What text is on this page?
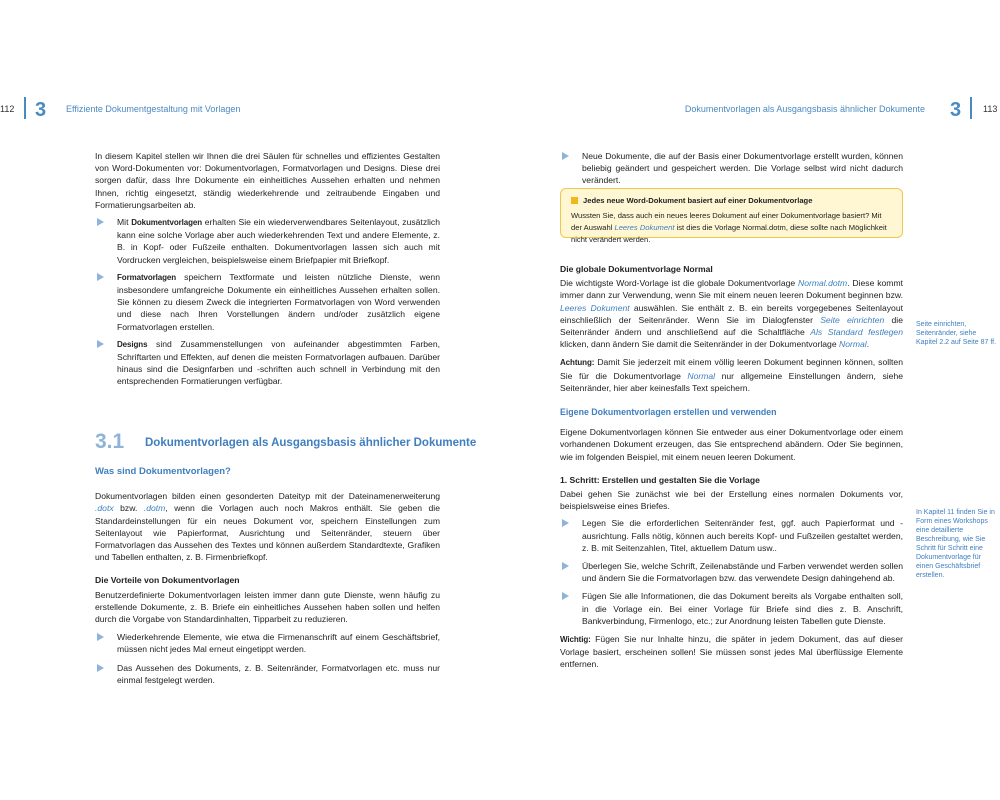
112 3 Effiziente Dokumentgestaltung mit Vorlagen	Dokumentvorlagen als Ausgangsbasis ähnlicher Dokumente 3 113

In diesem Kapitel stellen wir Ihnen die drei Säulen für schnelles und effizientes Gestalten von Word-Dokumenten vor: Dokumentvorlagen, Formatvorlagen und Designs. Diese drei sorgen dafür, dass Ihre Dokumente ein einheitliches Aussehen erhalten und nehmen Ihnen, richtig eingesetzt, ständig wiederkehrende und zeitraubende Eingaben und Formatierungsarbeiten ab.

Mit Dokumentvorlagen erhalten Sie ein wiederverwendbares Seitenlayout, zusätzlich kann eine solche Vorlage aber auch wiederkehrenden Text und andere Elemente, z. B. in Kopf- oder Fußzeile enthalten. Dokumentvorlagen lassen sich auch mit Vordrucken vergleichen, beispielsweise einem Briefpapier mit Briefkopf.
Formatvorlagen speichern Textformate und leisten nützliche Dienste, wenn insbesondere umfangreiche Dokumente ein einheitliches Aussehen erhalten sollen. Sie können zu diesem Zweck die integrierten Formatvorlagen von Word verwenden und diese nach Ihren Vorstellungen ändern und/oder zusätzlich eigene Formatvorlagen erstellen.
Designs sind Zusammenstellungen von aufeinander abgestimmten Farben, Schriftarten und Effekten, auf denen die meisten Formatvorlagen aufbauen. Darüber hinaus sind die Designfarben und -schriften auch schnell in Verbindung mit den entsprechenden Formatierungen verfügbar.
3.1 Dokumentvorlagen als Ausgangsbasis ähnlicher Dokumente

Was sind Dokumentvorlagen?

Dokumentvorlagen bilden einen gesonderten Dateityp mit der Dateinamenerweiterung .dotx bzw. .dotm, wenn die Vorlagen auch noch Makros enthält. Sie geben die Standardeinstellungen für ein neues Dokument vor, speichern Einstellungen zum Seitenlayout wie Papierformat, Ausrichtung und Seitenränder, steuern über Formatvorlagen das Aussehen des Textes und können außerdem Standardtexte, Grafiken und Tabellen enthalten, z. B. Firmenbriefkopf.

Die Vorteile von Dokumentvorlagen

Benutzerdefinierte Dokumentvorlagen leisten immer dann gute Dienste, wenn häufig zu erstellende Dokumente, z. B. Briefe ein einheitliches Aussehen haben sollen und helfen durch die Vorgabe von Standardinhalten, Tipparbeit zu reduzieren.

Wiederkehrende Elemente, wie etwa die Firmenanschrift auf einem Geschäftsbrief, müssen nicht jedes Mal erneut eingetippt werden.
Das Aussehen des Dokuments, z. B. Seitenränder, Formatvorlagen etc. muss nur einmal festgelegt werden.
Neue Dokumente, die auf der Basis einer Dokumentvorlage erstellt wurden, können beliebig geändert und gespeichert werden. Die Vorlage selbst wird nicht dadurch verändert.
Jedes neue Word-Dokument basiert auf einer Dokumentvorlage
Wussten Sie, dass auch ein neues leeres Dokument auf einer Dokumentvorlage basiert? Mit der Auswahl Leeres Dokument ist dies die Vorlage Normal.dotm, diese sollte nach Möglichkeit nicht verändert werden.

Die globale Dokumentvorlage Normal

Die wichtigste Word-Vorlage ist die globale Dokumentvorlage Normal.dotm. Diese kommt immer dann zur Verwendung, wenn Sie mit einem neuen leeren Dokument beginnen bzw. Leeres Dokument auswählen. Sie enthält z. B. ein bereits vorgegebenes Seitenlayout einschließlich der Seitenränder. Wenn Sie im Dialogfenster Seite einrichten die Seitenränder ändern und anschließend auf die Schaltfläche Als Standard festlegen klicken, dann ändern Sie damit die Seitenränder in der Dokumentvorlage Normal.

Achtung: Damit Sie jederzeit mit einem völlig leeren Dokument beginnen können, sollten Sie für die Dokumentvorlage Normal nur allgemeine Einstellungen ändern, siehe Seitenränder, hier aber keinesfalls Text speichern.

Eigene Dokumentvorlagen erstellen und verwenden

Eigene Dokumentvorlagen können Sie entweder aus einer Dokumentvorlage oder einem vorhandenen Dokument erzeugen, das Sie entsprechend abändern. Oder Sie beginnen, wie im folgenden Beispiel, mit einem neuen leeren Dokument.

1. Schritt: Erstellen und gestalten Sie die Vorlage

Dabei gehen Sie zunächst wie bei der Erstellung eines normalen Dokuments vor, beispielsweise eines Briefes.

Legen Sie die erforderlichen Seitenränder fest, ggf. auch Papierformat und -ausrichtung. Falls nötig, können auch bereits Kopf- und Fußzeilen gestaltet werden, z. B. mit Seitenzahlen, Titel, aktuellem Datum usw..
Überlegen Sie, welche Schrift, Zeilenabstände und Farben verwendet werden sollen und ändern Sie die Formatvorlagen bzw. das verwendete Design dahingehend ab.
Fügen Sie alle Informationen, die das Dokument bereits als Vorgabe enthalten soll, in die Vorlage ein. Bei einer Vorlage für Briefe sind dies z. B. Anschrift, Bankverbindung, Firmenlogo, etc.; zur Anordnung leisten Tabellen gute Dienste.

Wichtig: Fügen Sie nur Inhalte hinzu, die später in jedem Dokument, das auf dieser Vorlage basiert, erscheinen sollen! Sie müssen sonst jedes Mal überflüssige Elemente entfernen.

Seite einrichten, Seitenränder, siehe Kapitel 2.2 auf Seite 87 ff.
In Kapitel 11 finden Sie in Form eines Workshops eine detaillierte Beschreibung, wie Sie Schritt für Schritt eine Dokumentvorlage für einen Geschäftsbrief erstellen.
